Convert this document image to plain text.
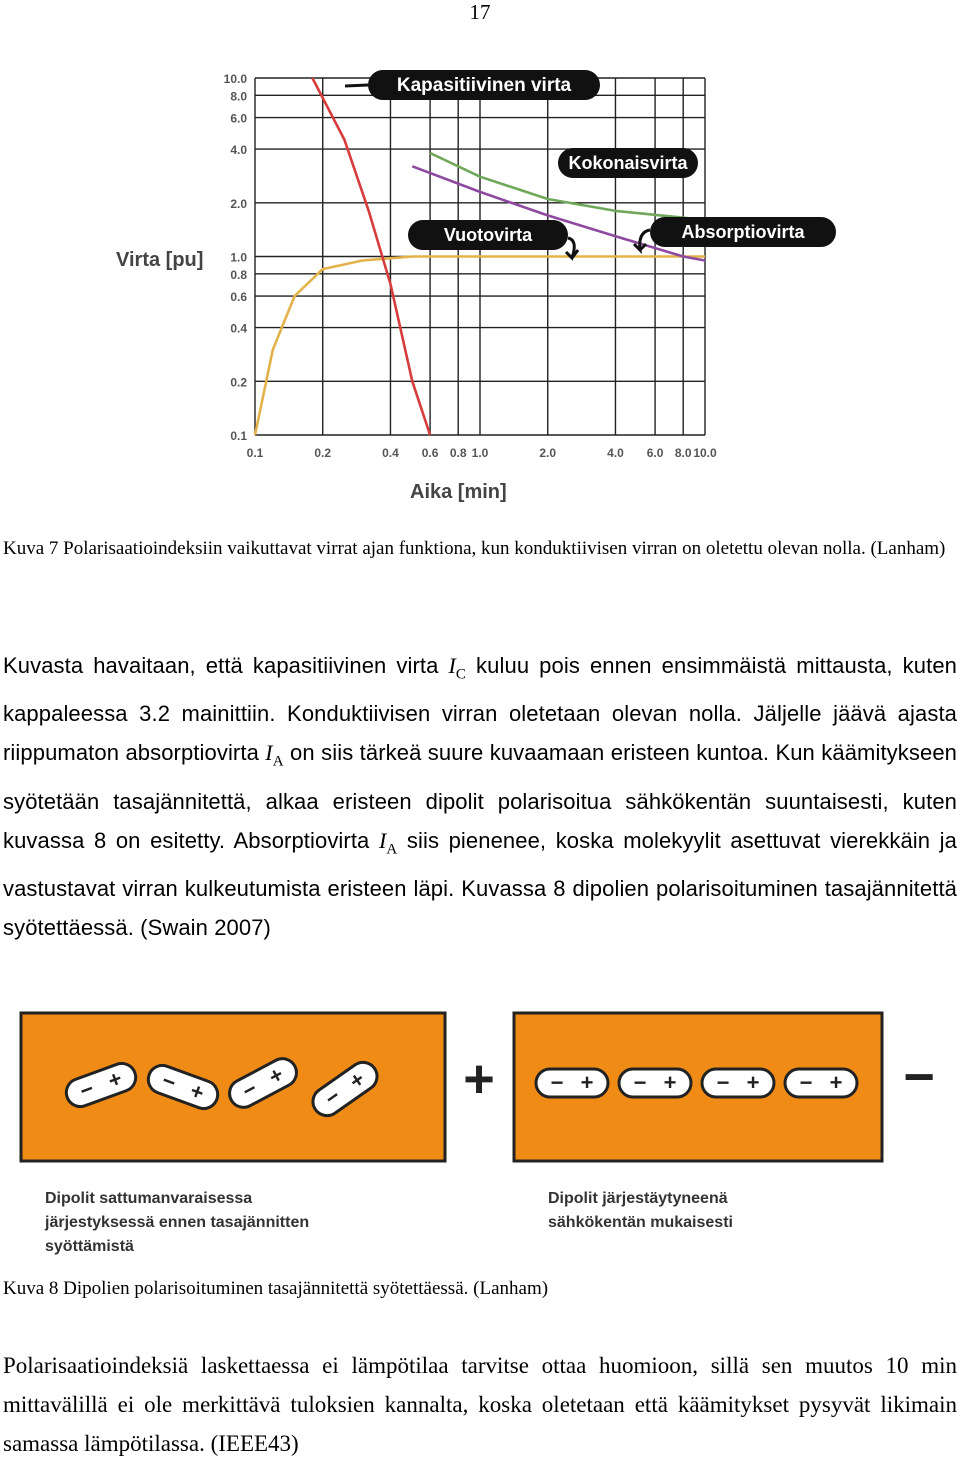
17
0.1	0.2	0.4 0.6 0.8 1.0	2.0	4.0 6.0 8.0 10.0
10.0
8.0
6.0
4.0
2.0
1.0
0.8
0.6
0.4
0.2
0.1
Virta [pu]
Aika [min]
Kapasitiivinen virta
Kokonaisvirta
Vuotovirta	Absorptiovirta
Kuva 7 Polarisaatioindeksiin vaikuttavat virrat ajan funktiona, kun konduktiivisen virran on oletettu olevan nolla. (Lanham)
Kuvasta havaitaan, että kapasitiivinen virta $I_C$ kuluu pois ennen ensimmäistä mittausta, kuten kappaleessa 3.2 mainittiin. Konduktiivisen virran oletetaan olevan nolla. Jäljelle jäävä ajasta riippumaton absorptiovirta $I_A$ on siis tärkeä suure kuvaamaan eristeen kuntoa. Kun käämitykseen syötetään tasajännitettä, alkaa eristeen dipolit polarisoitua sähkökentän suuntaisesti, kuten kuvassa 8 on esitetty. Absorptiovirta $I_A$ siis pienenee, koska molekyylit asettuvat vierekkäin ja vastustavat virran kulkeutumista eristeen läpi. Kuvassa 8 dipolien polarisoituminen tasajännitettä syötettäessä. (Swain 2007)
− + − + −
+
−
+	− + − + − + − +
+	−
Dipolit sattumanvaraisessa järjestyksessä ennen tasajännitten syöttämistä
Dipolit järjestäytyneenä sähkökentän mukaisesti
Kuva 8 Dipolien polarisoituminen tasajännitettä syötettäessä. (Lanham)
Polarisaatioindeksiä laskettaessa ei lämpötilaa tarvitse ottaa huomioon, sillä sen muutos 10 min mittavälillä ei ole merkittävä tuloksien kannalta, koska oletetaan että käämitykset pysyvät likimain samassa lämpötilassa. (IEEE43)
